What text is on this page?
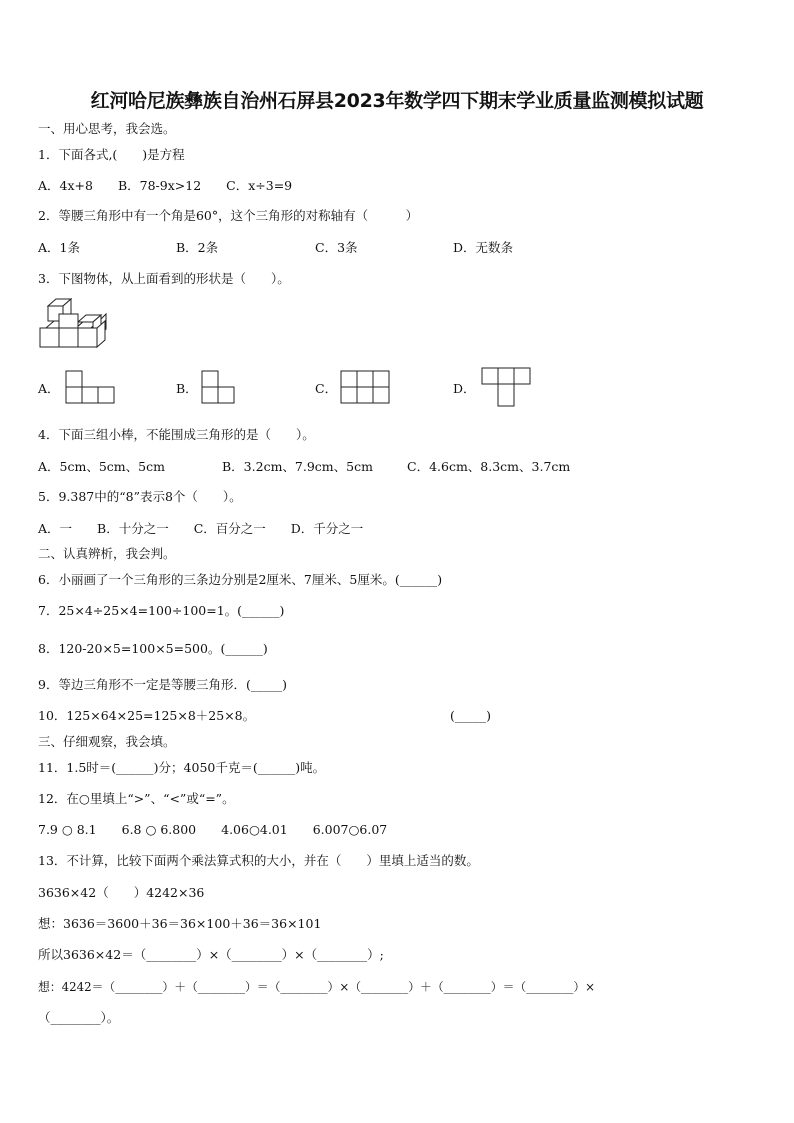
红河哈尼族彝族自治州石屏县2023年数学四下期末学业质量监测模拟试题
一、用心思考，我会选。
1．下面各式,(　　)是方程
A．4x+8　　B．78-9x>12　　C．x÷3=9
2．等腰三角形中有一个角是60°，这个三角形的对称轴有（　　　）
A．1条	B．2条	C．3条	D．无数条
3．下图物体，从上面看到的形状是（　　）。
A．	B．	C．	D．
4．下面三组小棒，不能围成三角形的是（　　）。
A．5cm、5cm、5cm	B．3.2cm、7.9cm、5cm	C．4.6cm、8.3cm、3.7cm
5．9.387中的“8”表示8个（　　）。
A．一　　B．十分之一　　C．百分之一　　D．千分之一
二、认真辨析，我会判。
6．小丽画了一个三角形的三条边分别是2厘米、7厘米、5厘米。(______)
7．25×4÷25×4=100÷100=1。(______)
8．120-20×5=100×5=500。(______)
9．等边三角形不一定是等腰三角形．(_____)
10．125×64×25=125×8＋25×8。	(_____)
三、仔细观察，我会填。
11．1.5时＝(______)分；4050千克＝(______)吨。
12．在○里填上“>”、“<”或“=”。
7.9 ○ 8.1　　6.8 ○ 6.800　　4.06○4.01　　6.007○6.07
13．不计算，比较下面两个乘法算式积的大小，并在（　　）里填上适当的数。
3636×42（　　）4242×36
想：3636＝3600＋36＝36×100＋36＝36×101
所以3636×42＝（________）×（________）×（________）;
想：4242＝（________）＋（________）＝（________）×（________）＋（________）＝（________）×
（________）。
